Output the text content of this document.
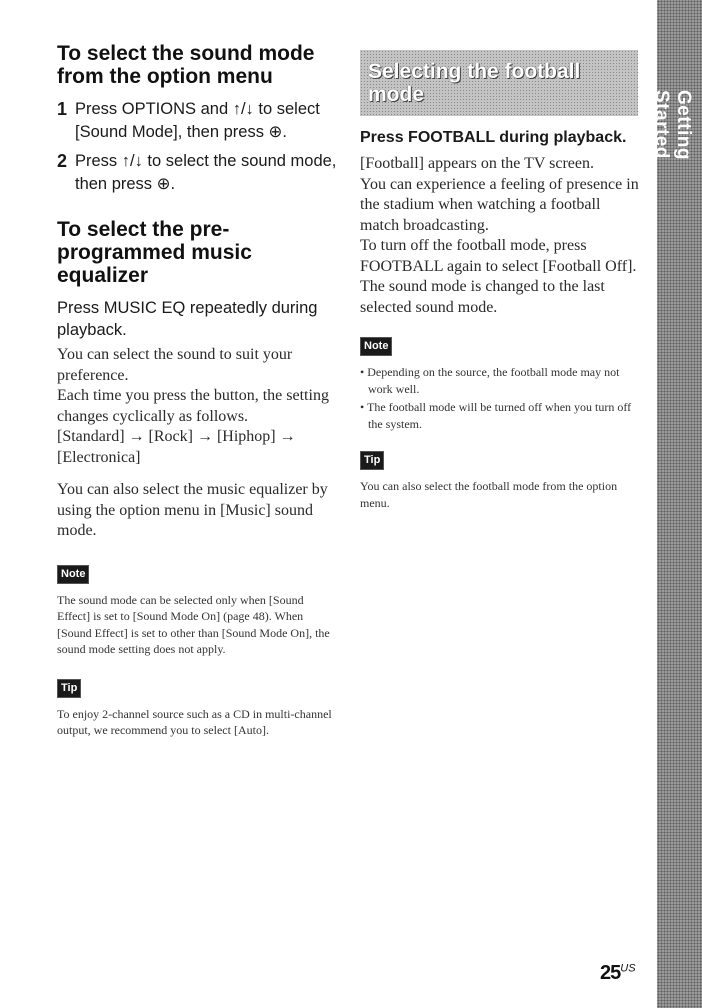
Getting Started
To select the sound mode from the option menu
1 Press OPTIONS and ↑/↓ to select [Sound Mode], then press ⊕.
2 Press ↑/↓ to select the sound mode, then press ⊕.
To select the pre-programmed music equalizer

Press MUSIC EQ repeatedly during playback.

You can select the sound to suit your preference.

Each time you press the button, the setting changes cyclically as follows.

[Standard] → [Rock] → [Hiphop] → [Electronica]

You can also select the music equalizer by using the option menu in [Music] sound mode.

Note

The sound mode can be selected only when [Sound Effect] is set to [Sound Mode On] (page 48). When [Sound Effect] is set to other than [Sound Mode On], the sound mode setting does not apply.

Tip

To enjoy 2-channel source such as a CD in multi-channel output, we recommend you to select [Auto].

Selecting the football mode
Press FOOTBALL during playback.

[Football] appears on the TV screen.

You can experience a feeling of presence in the stadium when watching a football match broadcasting.

To turn off the football mode, press FOOTBALL again to select [Football Off].

The sound mode is changed to the last selected sound mode.

Note

• Depending on the source, the football mode may not work well.

• The football mode will be turned off when you turn off the system.

Tip

You can also select the football mode from the option menu.

$25^{US}$
